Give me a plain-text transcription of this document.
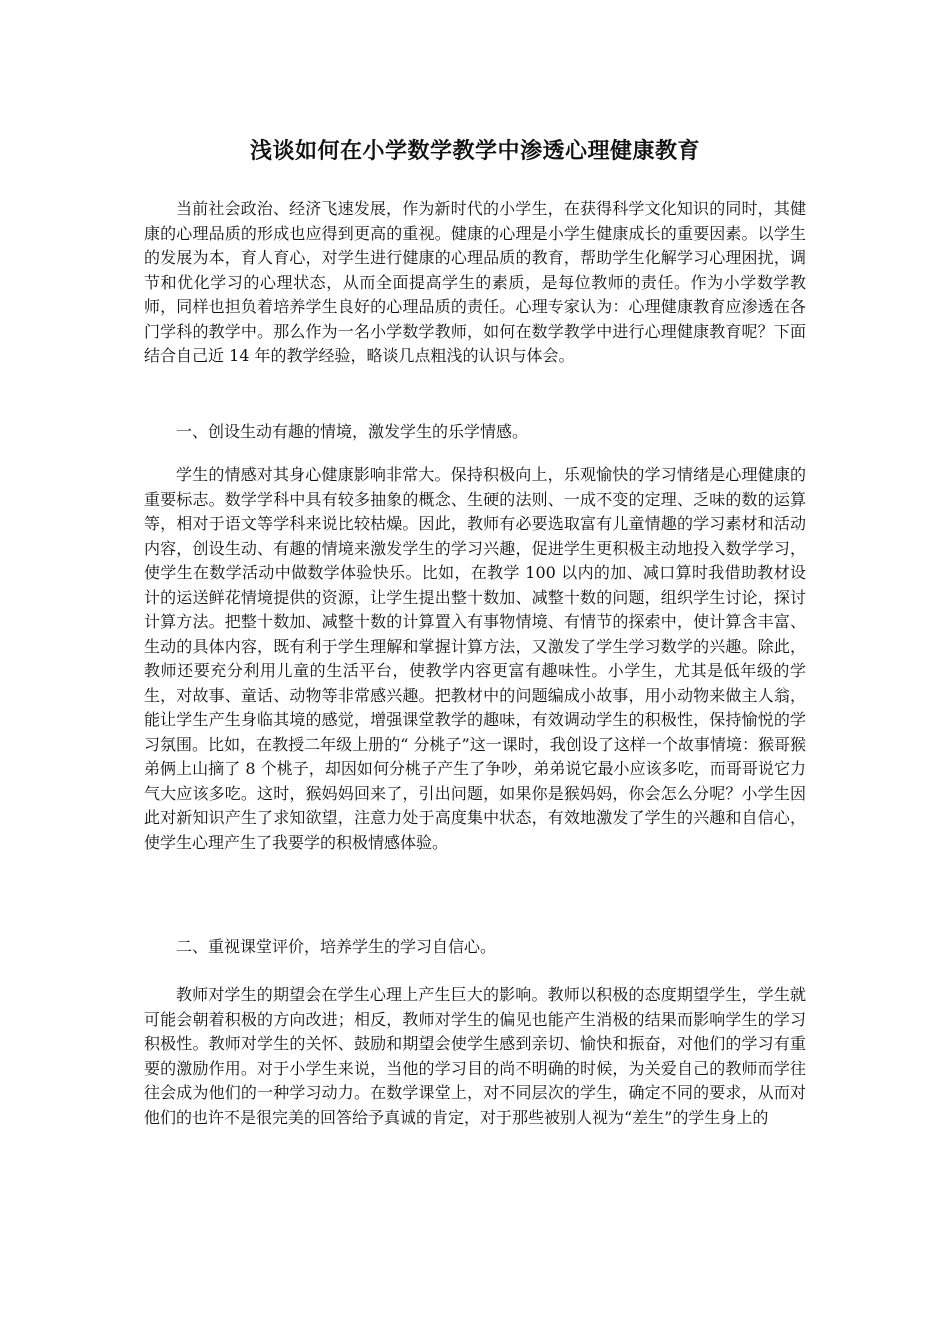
浅谈如何在小学数学教学中渗透心理健康教育

当前社会政治、经济飞速发展，作为新时代的小学生，在获得科学文化知识的同时，其健康的心理品质的形成也应得到更高的重视。健康的心理是小学生健康成长的重要因素。以学生的发展为本，育人育心，对学生进行健康的心理品质的教育，帮助学生化解学习心理困扰，调节和优化学习的心理状态，从而全面提高学生的素质，是每位教师的责任。作为小学数学教师，同样也担负着培养学生良好的心理品质的责任。心理专家认为：心理健康教育应渗透在各门学科的教学中。那么作为一名小学数学教师，如何在数学教学中进行心理健康教育呢？下面结合自己近 14 年的教学经验，略谈几点粗浅的认识与体会。

一、创设生动有趣的情境，激发学生的乐学情感。

学生的情感对其身心健康影响非常大。保持积极向上，乐观愉快的学习情绪是心理健康的重要标志。数学学科中具有较多抽象的概念、生硬的法则、一成不变的定理、乏味的数的运算等，相对于语文等学科来说比较枯燥。因此，教师有必要选取富有儿童情趣的学习素材和活动内容，创设生动、有趣的情境来激发学生的学习兴趣，促进学生更积极主动地投入数学学习，使学生在数学活动中做数学体验快乐。比如，在教学 100 以内的加、减口算时我借助教材设计的运送鲜花情境提供的资源，让学生提出整十数加、减整十数的问题，组织学生讨论，探讨计算方法。把整十数加、减整十数的计算置入有事物情境、有情节的探索中，使计算含丰富、生动的具体内容，既有利于学生理解和掌握计算方法，又激发了学生学习数学的兴趣。除此，教师还要充分利用儿童的生活平台，使教学内容更富有趣味性。小学生，尤其是低年级的学生，对故事、童话、动物等非常感兴趣。把教材中的问题编成小故事，用小动物来做主人翁，能让学生产生身临其境的感觉，增强课堂教学的趣味，有效调动学生的积极性，保持愉悦的学习氛围。比如，在教授二年级上册的“ 分桃子”这一课时，我创设了这样一个故事情境：猴哥猴弟俩上山摘了 8 个桃子，却因如何分桃子产生了争吵，弟弟说它最小应该多吃，而哥哥说它力气大应该多吃。这时，猴妈妈回来了，引出问题，如果你是猴妈妈，你会怎么分呢？小学生因此对新知识产生了求知欲望，注意力处于高度集中状态，有效地激发了学生的兴趣和自信心，使学生心理产生了我要学的积极情感体验。

二、重视课堂评价，培养学生的学习自信心。

教师对学生的期望会在学生心理上产生巨大的影响。教师以积极的态度期望学生，学生就可能会朝着积极的方向改进；相反，教师对学生的偏见也能产生消极的结果而影响学生的学习积极性。教师对学生的关怀、鼓励和期望会使学生感到亲切、愉快和振奋，对他们的学习有重要的激励作用。对于小学生来说，当他的学习目的尚不明确的时候，为关爱自己的教师而学往往会成为他们的一种学习动力。在数学课堂上，对不同层次的学生，确定不同的要求，从而对他们的也许不是很完美的回答给予真诚的肯定，对于那些被别人视为“差生”的学生身上的
